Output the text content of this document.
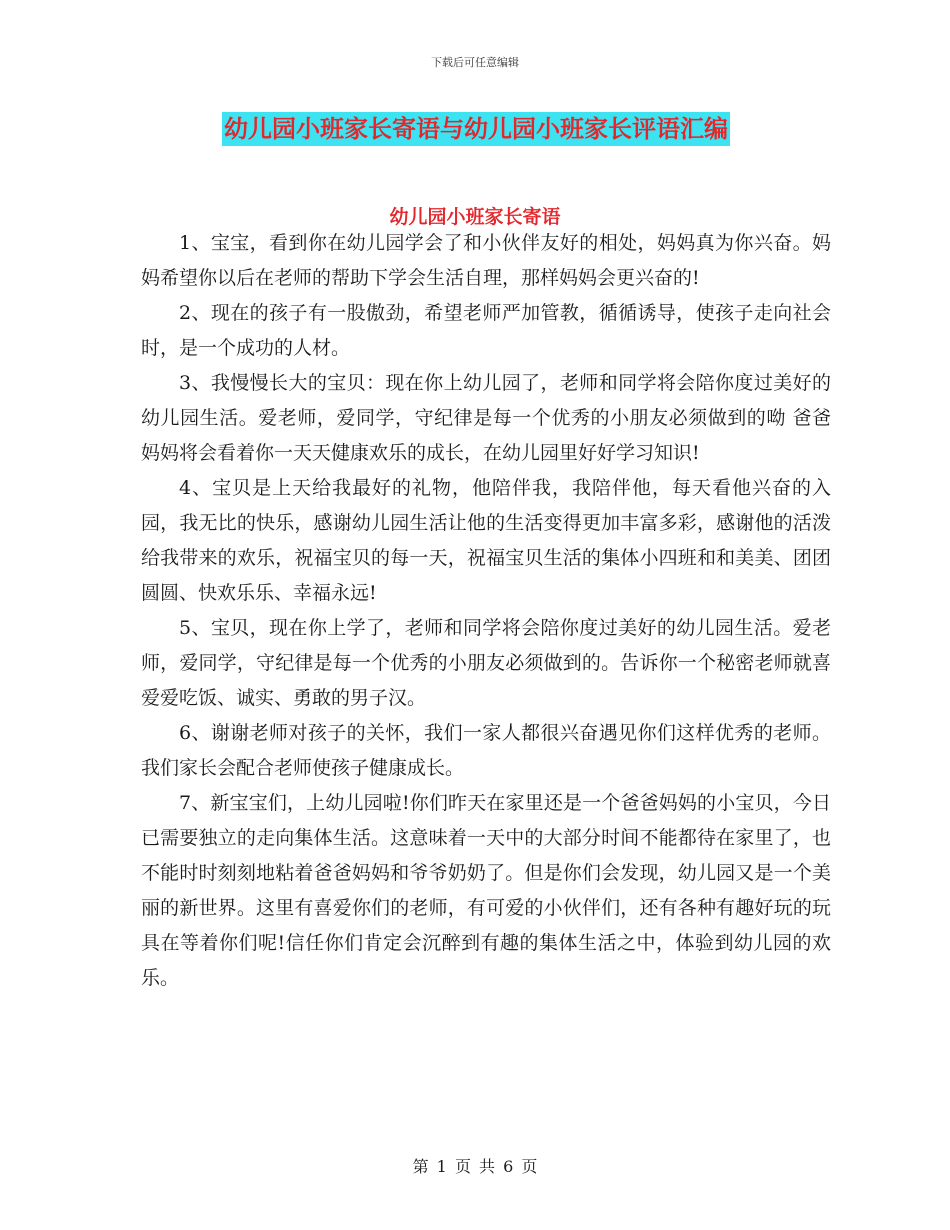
下载后可任意编辑
幼儿园小班家长寄语与幼儿园小班家长评语汇编
幼儿园小班家长寄语

1、宝宝，看到你在幼儿园学会了和小伙伴友好的相处，妈妈真为你兴奋。妈妈希望你以后在老师的帮助下学会生活自理，那样妈妈会更兴奋的!

2、现在的孩子有一股傲劲，希望老师严加管教，循循诱导，使孩子走向社会时，是一个成功的人材。

3、我慢慢长大的宝贝：现在你上幼儿园了，老师和同学将会陪你度过美好的幼儿园生活。爱老师，爱同学，守纪律是每一个优秀的小朋友必须做到的呦 爸爸妈妈将会看着你一天天健康欢乐的成长，在幼儿园里好好学习知识!

4、宝贝是上天给我最好的礼物，他陪伴我，我陪伴他，每天看他兴奋的入园，我无比的快乐，感谢幼儿园生活让他的生活变得更加丰富多彩，感谢他的活泼给我带来的欢乐，祝福宝贝的每一天，祝福宝贝生活的集体小四班和和美美、团团圆圆、快欢乐乐、幸福永远!

5、宝贝，现在你上学了，老师和同学将会陪你度过美好的幼儿园生活。爱老师，爱同学，守纪律是每一个优秀的小朋友必须做到的。告诉你一个秘密老师就喜爱爱吃饭、诚实、勇敢的男子汉。

6、谢谢老师对孩子的关怀，我们一家人都很兴奋遇见你们这样优秀的老师。我们家长会配合老师使孩子健康成长。

7、新宝宝们，上幼儿园啦!你们昨天在家里还是一个爸爸妈妈的小宝贝，今日已需要独立的走向集体生活。这意味着一天中的大部分时间不能都待在家里了，也不能时时刻刻地粘着爸爸妈妈和爷爷奶奶了。但是你们会发现，幼儿园又是一个美丽的新世界。这里有喜爱你们的老师，有可爱的小伙伴们，还有各种有趣好玩的玩具在等着你们呢!信任你们肯定会沉醉到有趣的集体生活之中，体验到幼儿园的欢乐。

第 1 页 共 6 页
